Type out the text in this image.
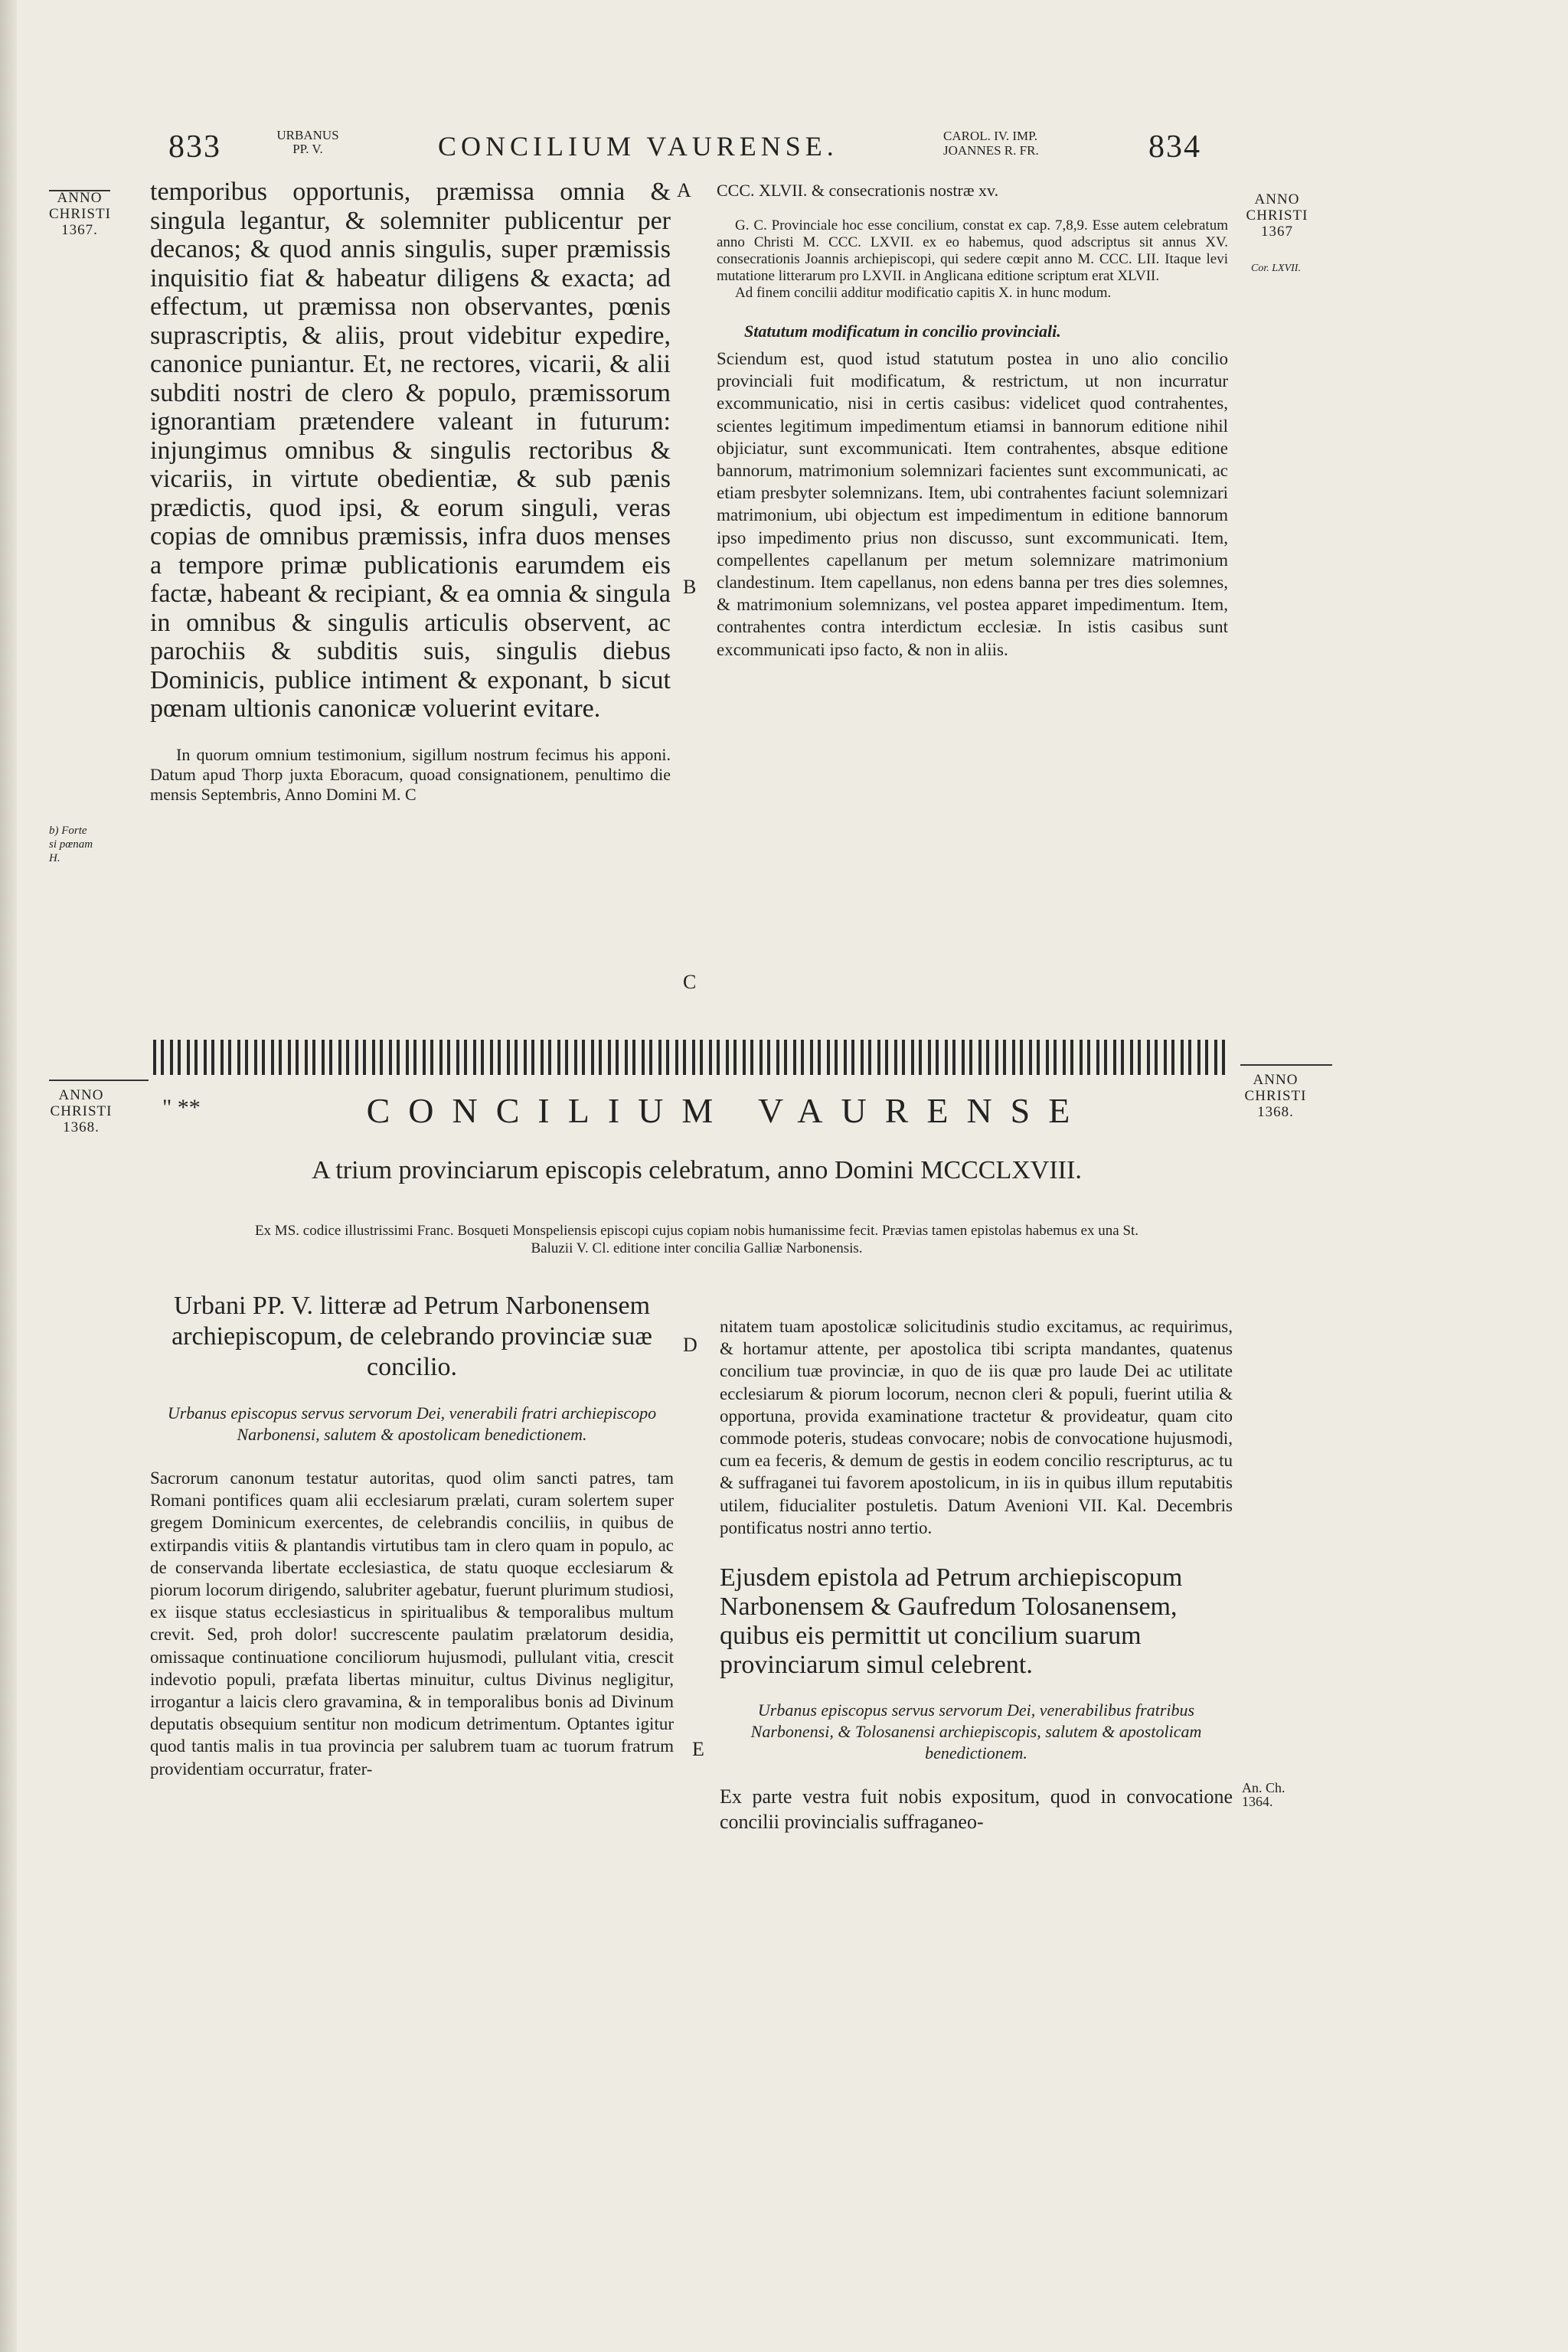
833	URBANUS
PP. V.	CONCILIUM VAURENSE.	CAROL. IV. IMP.
JOANNES R. FR.	834
ANNO
CHRISTI
1367.
ANNO
CHRISTI
1367
Cor. LXVII.
b) Forte
si pœnam
H.
ANNO
CHRISTI
1368.
ANNO
CHRISTI
1368.
An. Ch.
1364.
A
B
C
D
E

temporibus opportunis, præmissa omnia & singula legantur, & solemniter publicentur per decanos; & quod annis singulis, super præmissis inquisitio fiat & habeatur diligens & exacta; ad effectum, ut præmissa non observantes, pœnis suprascriptis, & aliis, prout videbitur expedire, canonice puniantur. Et, ne rectores, vicarii, & alii subditi nostri de clero & populo, præmissorum ignorantiam prætendere valeant in futurum: injungimus omnibus & singulis rectoribus & vicariis, in virtute obedientiæ, & sub pænis prædictis, quod ipsi, & eorum singuli, veras copias de omnibus præmissis, infra duos menses a tempore primæ publicationis earumdem eis factæ, habeant & recipiant, & ea omnia & singula in omnibus & singulis articulis observent, ac parochiis & subditis suis, singulis diebus Dominicis, publice intiment & exponant, b sicut pœnam ultionis canonicæ voluerint evitare.

In quorum omnium testimonium, sigillum nostrum fecimus his apponi. Datum apud Thorp juxta Eboracum, quoad consignationem, penultimo die mensis Septembris, Anno Domini M. C

CCC. XLVII. & consecrationis nostræ xv.

G. C. Provinciale hoc esse concilium, constat ex cap. 7,8,9. Esse autem celebratum anno Christi M. CCC. LXVII. ex eo habemus, quod adscriptus sit annus XV. consecrationis Joannis archiepiscopi, qui sedere cœpit anno M. CCC. LII. Itaque levi mutatione litterarum pro LXVII. in Anglicana editione scriptum erat XLVII.

Ad finem concilii additur modificatio capitis X. in hunc modum.

Statutum modificatum in concilio provinciali.

Sciendum est, quod istud statutum postea in uno alio concilio provinciali fuit modificatum, & restrictum, ut non incurratur excommunicatio, nisi in certis casibus: videlicet quod contrahentes, scientes legitimum impedimentum etiamsi in bannorum editione nihil objiciatur, sunt excommunicati. Item contrahentes, absque editione bannorum, matrimonium solemnizari facientes sunt excommunicati, ac etiam presbyter solemnizans. Item, ubi contrahentes faciunt solemnizari matrimonium, ubi objectum est impedimentum in editione bannorum ipso impedimento prius non discusso, sunt excommunicati. Item, compellentes capellanum per metum solemnizare matrimonium clandestinum. Item capellanus, non edens banna per tres dies solemnes, & matrimonium solemnizans, vel postea apparet impedimentum. Item, contrahentes contra interdictum ecclesiæ. In istis casibus sunt excommunicati ipso facto, & non in aliis.

" **	CONCILIUM VAURENSE
A trium provinciarum episcopis celebratum, anno Domini MCCCLXVIII.
Ex MS. codice illustrissimi Franc. Bosqueti Monspeliensis episcopi cujus copiam nobis humanissime fecit. Prævias tamen epistolas habemus ex una St. Baluzii V. Cl. editione inter concilia Galliæ Narbonensis.

Urbani PP. V. litteræ ad Petrum Narbonensem archiepiscopum, de celebrando provinciæ suæ concilio.

Urbanus episcopus servus servorum Dei, venerabili fratri archiepiscopo Narbonensi, salutem & apostolicam benedictionem.

Sacrorum canonum testatur autoritas, quod olim sancti patres, tam Romani pontifices quam alii ecclesiarum prælati, curam solertem super gregem Dominicum exercentes, de celebrandis conciliis, in quibus de extirpandis vitiis & plantandis virtutibus tam in clero quam in populo, ac de conservanda libertate ecclesiastica, de statu quoque ecclesiarum & piorum locorum dirigendo, salubriter agebatur, fuerunt plurimum studiosi, ex iisque status ecclesiasticus in spiritualibus & temporalibus multum crevit. Sed, proh dolor! succrescente paulatim prælatorum desidia, omissaque continuatione conciliorum hujusmodi, pullulant vitia, crescit indevotio populi, præfata libertas minuitur, cultus Divinus negligitur, irrogantur a laicis clero gravamina, & in temporalibus bonis ad Divinum deputatis obsequium sentitur non modicum detrimentum. Optantes igitur quod tantis malis in tua provincia per salubrem tuam ac tuorum fratrum providentiam occurratur, frater-

nitatem tuam apostolicæ solicitudinis studio excitamus, ac requirimus, & hortamur attente, per apostolica tibi scripta mandantes, quatenus concilium tuæ provinciæ, in quo de iis quæ pro laude Dei ac utilitate ecclesiarum & piorum locorum, necnon cleri & populi, fuerint utilia & opportuna, provida examinatione tractetur & provideatur, quam cito commode poteris, studeas convocare; nobis de convocatione hujusmodi, cum ea feceris, & demum de gestis in eodem concilio rescripturus, ac tu & suffraganei tui favorem apostolicum, in iis in quibus illum reputabitis utilem, fiducialiter postuletis. Datum Avenioni VII. Kal. Decembris pontificatus nostri anno tertio.

Ejusdem epistola ad Petrum archiepiscopum Narbonensem & Gaufredum Tolosanensem, quibus eis permittit ut concilium suarum provinciarum simul celebrent.

Urbanus episcopus servus servorum Dei, venerabilibus fratribus Narbonensi, & Tolosanensi archiepiscopis, salutem & apostolicam benedictionem.

Ex parte vestra fuit nobis expositum, quod in convocatione concilii provincialis suffraganeo-
